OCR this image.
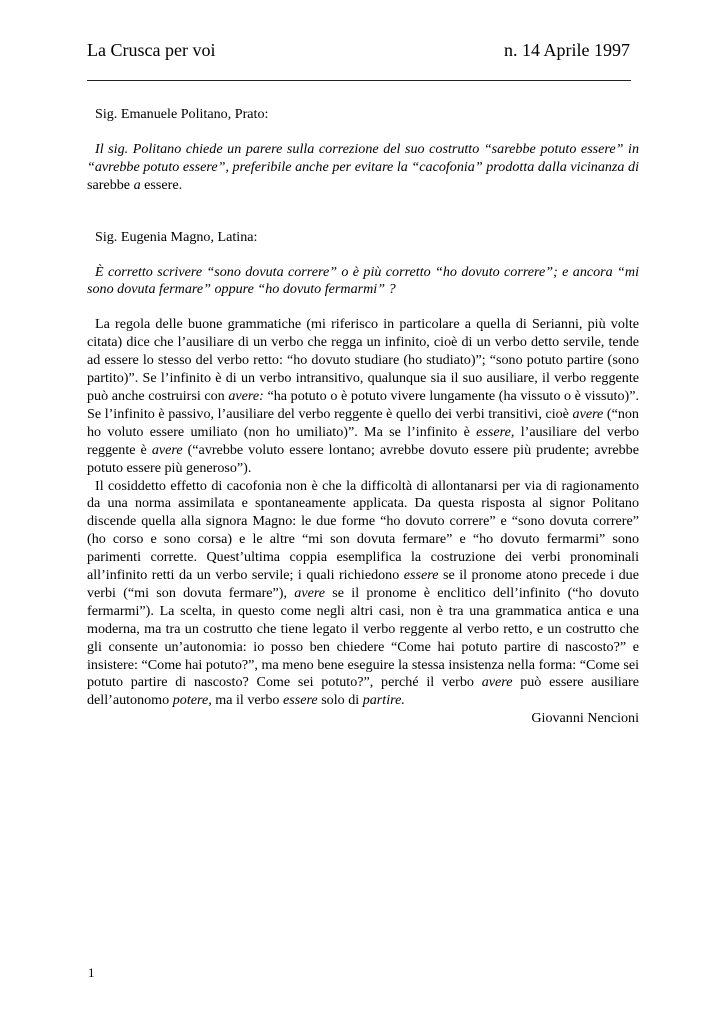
La Crusca per voi	n. 14 Aprile 1997

Sig. Emanuele Politano, Prato:

Il sig. Politano chiede un parere sulla correzione del suo costrutto “sarebbe potuto essere” in “avrebbe potuto essere”, preferibile anche per evitare la “cacofonia” prodotta dalla vicinanza di sarebbe a essere.

Sig. Eugenia Magno, Latina:

È corretto scrivere “sono dovuta correre” o è più corretto “ho dovuto correre”; e ancora “mi sono dovuta fermare” oppure “ho dovuto fermarmi” ?

La regola delle buone grammatiche (mi riferisco in particolare a quella di Serianni, più volte citata) dice che l’ausiliare di un verbo che regga un infinito, cioè di un verbo detto servile, tende ad essere lo stesso del verbo retto: “ho dovuto studiare (ho studiato)”; “sono potuto partire (sono partito)”. Se l’infinito è di un verbo intransitivo, qualunque sia il suo ausiliare, il verbo reggente può anche costruirsi con avere: “ha potuto o è potuto vivere lungamente (ha vissuto o è vissuto)”. Se l’infinito è passivo, l’ausiliare del verbo reggente è quello dei verbi transitivi, cioè avere (“non ho voluto essere umiliato (non ho umiliato)”. Ma se l’infinito è essere, l’ausiliare del verbo reggente è avere (“avrebbe voluto essere lontano; avrebbe dovuto essere più prudente; avrebbe potuto essere più generoso”).

Il cosiddetto effetto di cacofonia non è che la difficoltà di allontanarsi per via di ragionamento da una norma assimilata e spontaneamente applicata. Da questa risposta al signor Politano discende quella alla signora Magno: le due forme “ho dovuto correre” e “sono dovuta correre” (ho corso e sono corsa) e le altre “mi son dovuta fermare” e “ho dovuto fermarmi” sono parimenti corrette. Quest’ultima coppia esemplifica la costruzione dei verbi pronominali all’infinito retti da un verbo servile; i quali richiedono essere se il pronome atono precede i due verbi (“mi son dovuta fermare”), avere se il pronome è enclitico dell’infinito (“ho dovuto fermarmi”). La scelta, in questo come negli altri casi, non è tra una grammatica antica e una moderna, ma tra un costrutto che tiene legato il verbo reggente al verbo retto, e un costrutto che gli consente un’autonomia: io posso ben chiedere “Come hai potuto partire di nascosto?” e insistere: “Come hai potuto?”, ma meno bene eseguire la stessa insistenza nella forma: “Come sei potuto partire di nascosto? Come sei potuto?”, perché il verbo avere può essere ausiliare dell’autonomo potere, ma il verbo essere solo di partire.

Giovanni Nencioni

1
